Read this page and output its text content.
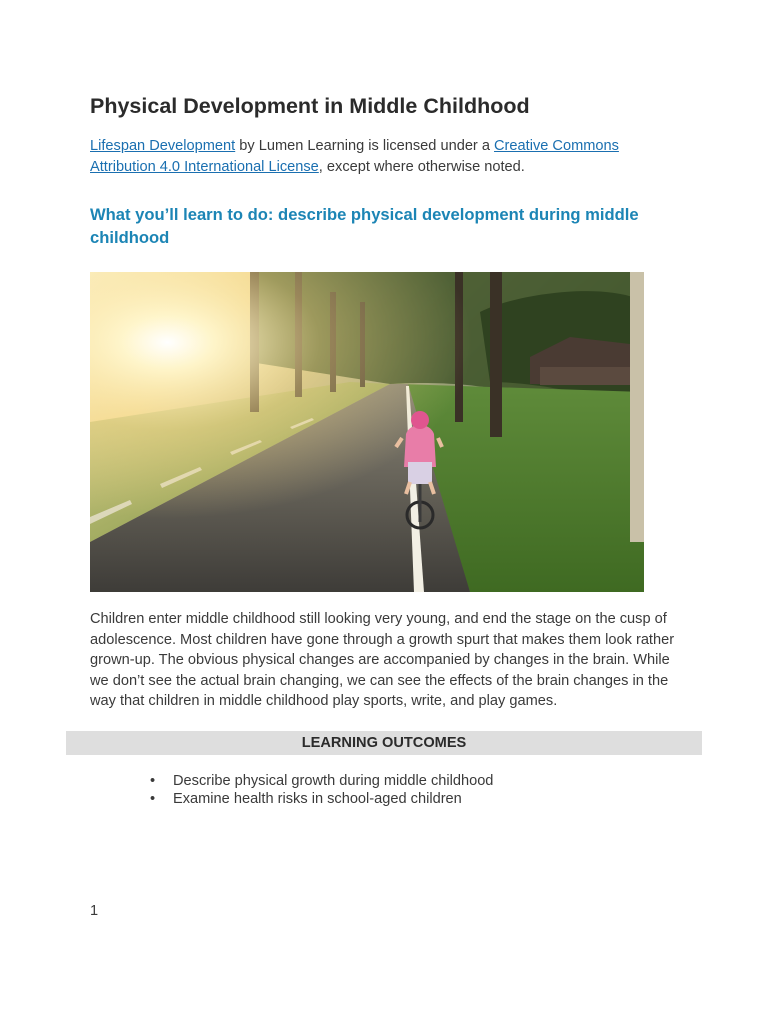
Physical Development in Middle Childhood

Lifespan Development by Lumen Learning is licensed under a Creative Commons Attribution 4.0 International License, except where otherwise noted.

What you’ll learn to do: describe physical development during middle childhood

Children enter middle childhood still looking very young, and end the stage on the cusp of adolescence. Most children have gone through a growth spurt that makes them look rather grown-up. The obvious physical changes are accompanied by changes in the brain. While we don’t see the actual brain changing, we can see the effects of the brain changes in the way that children in middle childhood play sports, write, and play games.

LEARNING OUTCOMES
• Describe physical growth during middle childhood
• Examine health risks in school-aged children
1
